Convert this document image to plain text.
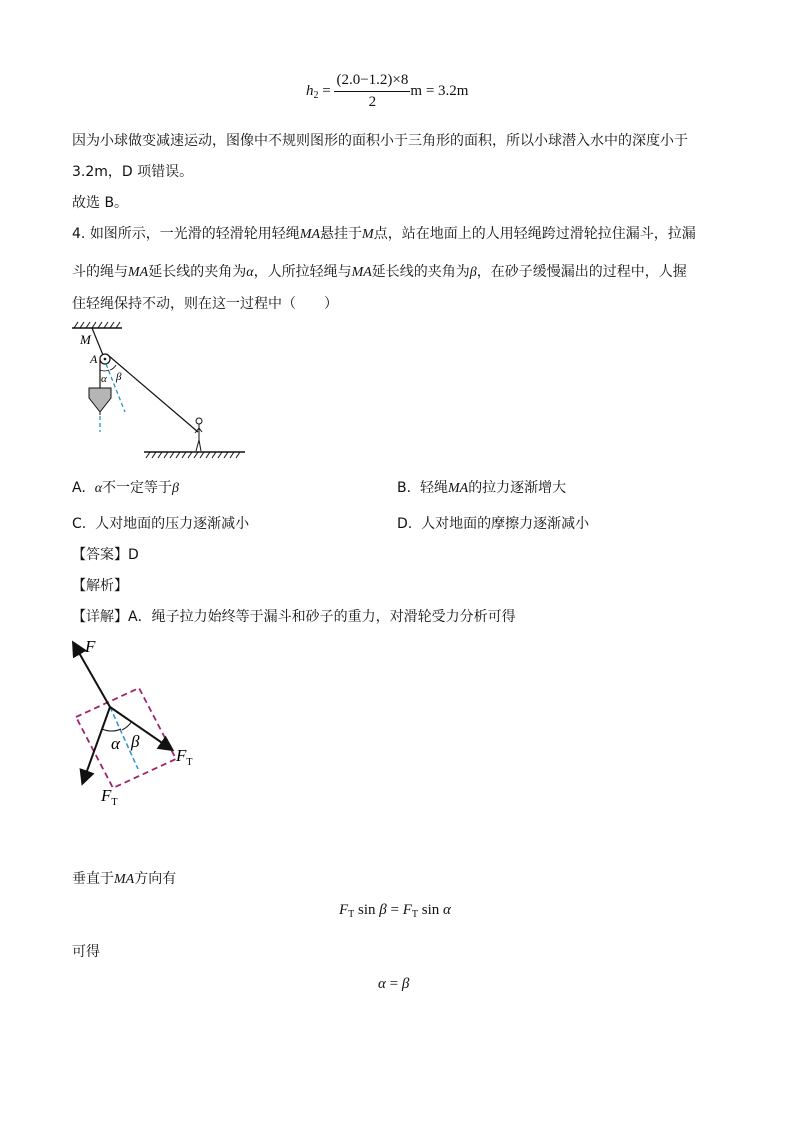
$h_2 = \frac{(2.0-1.2)\times 8}{2}$ m = 3.2m
因为小球做变减速运动，图像中不规则图形的面积小于三角形的面积，所以小球潜入水中的深度小于
3.2m，D 项错误。
故选 B。
4. 如图所示，一光滑的轻滑轮用轻绳MA悬挂于M点，站在地面上的人用轻绳跨过滑轮拉住漏斗，拉漏
斗的绳与MA延长线的夹角为α，人所拉轻绳与MA延长线的夹角为β，在砂子缓慢漏出的过程中，人握
住轻绳保持不动，则在这一过程中（　　）
M
A
α β
A. α不一定等于β	B. 轻绳MA的拉力逐渐增大
C. 人对地面的压力逐渐减小	D. 人对地面的摩擦力逐渐减小
【答案】D
【解析】
【详解】A．绳子拉力始终等于漏斗和砂子的重力，对滑轮受力分析可得
F
α β
$F_T$
$F_T$
垂直于MA方向有
$F_T$ $\sin \beta = F_T$ sin α
可得
α = β
